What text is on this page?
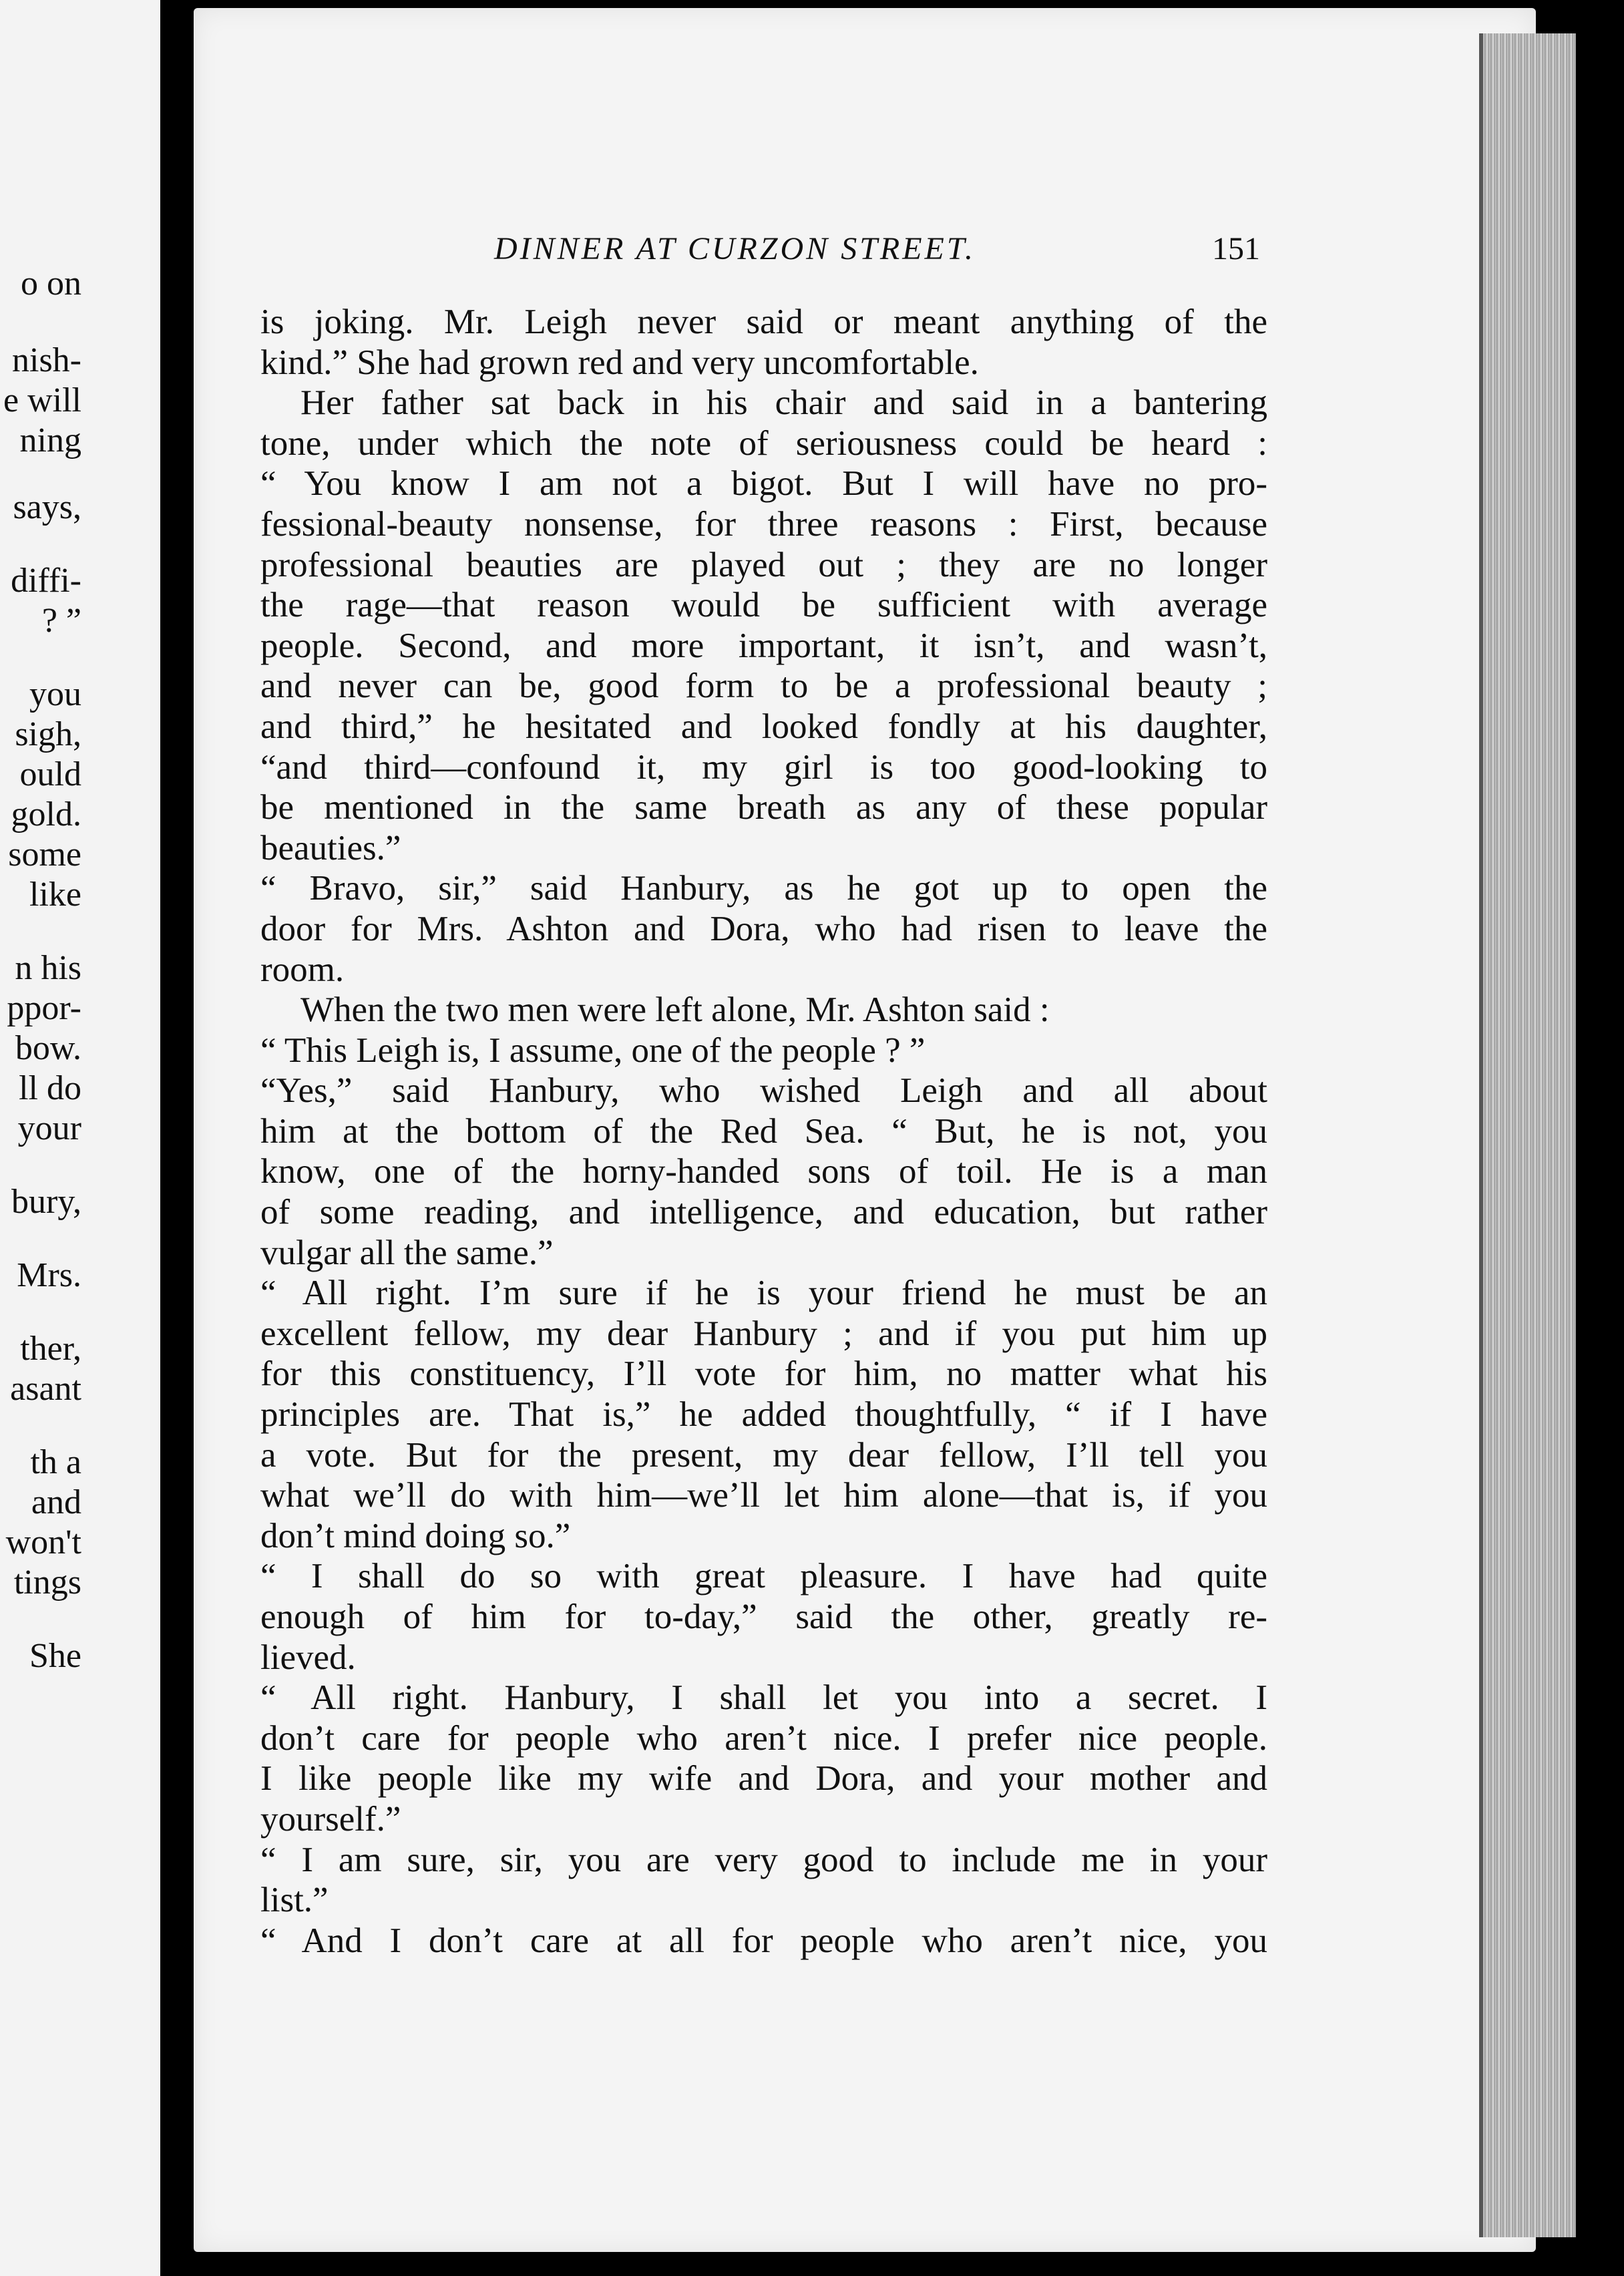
o on
nish-
e will
ning
says,
diffi-
? ”
you
sigh,
ould
gold.
some
like
n his
ppor-
bow.
ll do
your
bury,
Mrs.
ther,
asant
th a
and
won't
tings
She
DINNER AT CURZON STREET.	151
is joking. Mr. Leigh never said or meant anything of the
kind.” She had grown red and very uncomfortable.
Her father sat back in his chair and said in a bantering
tone, under which the note of seriousness could be heard :
“ You know I am not a bigot. But I will have no pro-
fessional-beauty nonsense, for three reasons : First, because
professional beauties are played out ; they are no longer
the rage—that reason would be sufficient with average
people. Second, and more important, it isn’t, and wasn’t,
and never can be, good form to be a professional beauty ;
and third,” he hesitated and looked fondly at his daughter,
“and third—confound it, my girl is too good-looking to
be mentioned in the same breath as any of these popular
beauties.”
“ Bravo, sir,” said Hanbury, as he got up to open the
door for Mrs. Ashton and Dora, who had risen to leave the
room.
When the two men were left alone, Mr. Ashton said :
“ This Leigh is, I assume, one of the people ? ”
“Yes,” said Hanbury, who wished Leigh and all about
him at the bottom of the Red Sea. “ But, he is not, you
know, one of the horny-handed sons of toil. He is a man
of some reading, and intelligence, and education, but rather
vulgar all the same.”
“ All right. I’m sure if he is your friend he must be an
excellent fellow, my dear Hanbury ; and if you put him up
for this constituency, I’ll vote for him, no matter what his
principles are. That is,” he added thoughtfully, “ if I have
a vote. But for the present, my dear fellow, I’ll tell you
what we’ll do with him—we’ll let him alone—that is, if you
don’t mind doing so.”
“ I shall do so with great pleasure. I have had quite
enough of him for to-day,” said the other, greatly re-
lieved.
“ All right. Hanbury, I shall let you into a secret. I
don’t care for people who aren’t nice. I prefer nice people.
I like people like my wife and Dora, and your mother and
yourself.”
“ I am sure, sir, you are very good to include me in your
list.”
“ And I don’t care at all for people who aren’t nice, you
